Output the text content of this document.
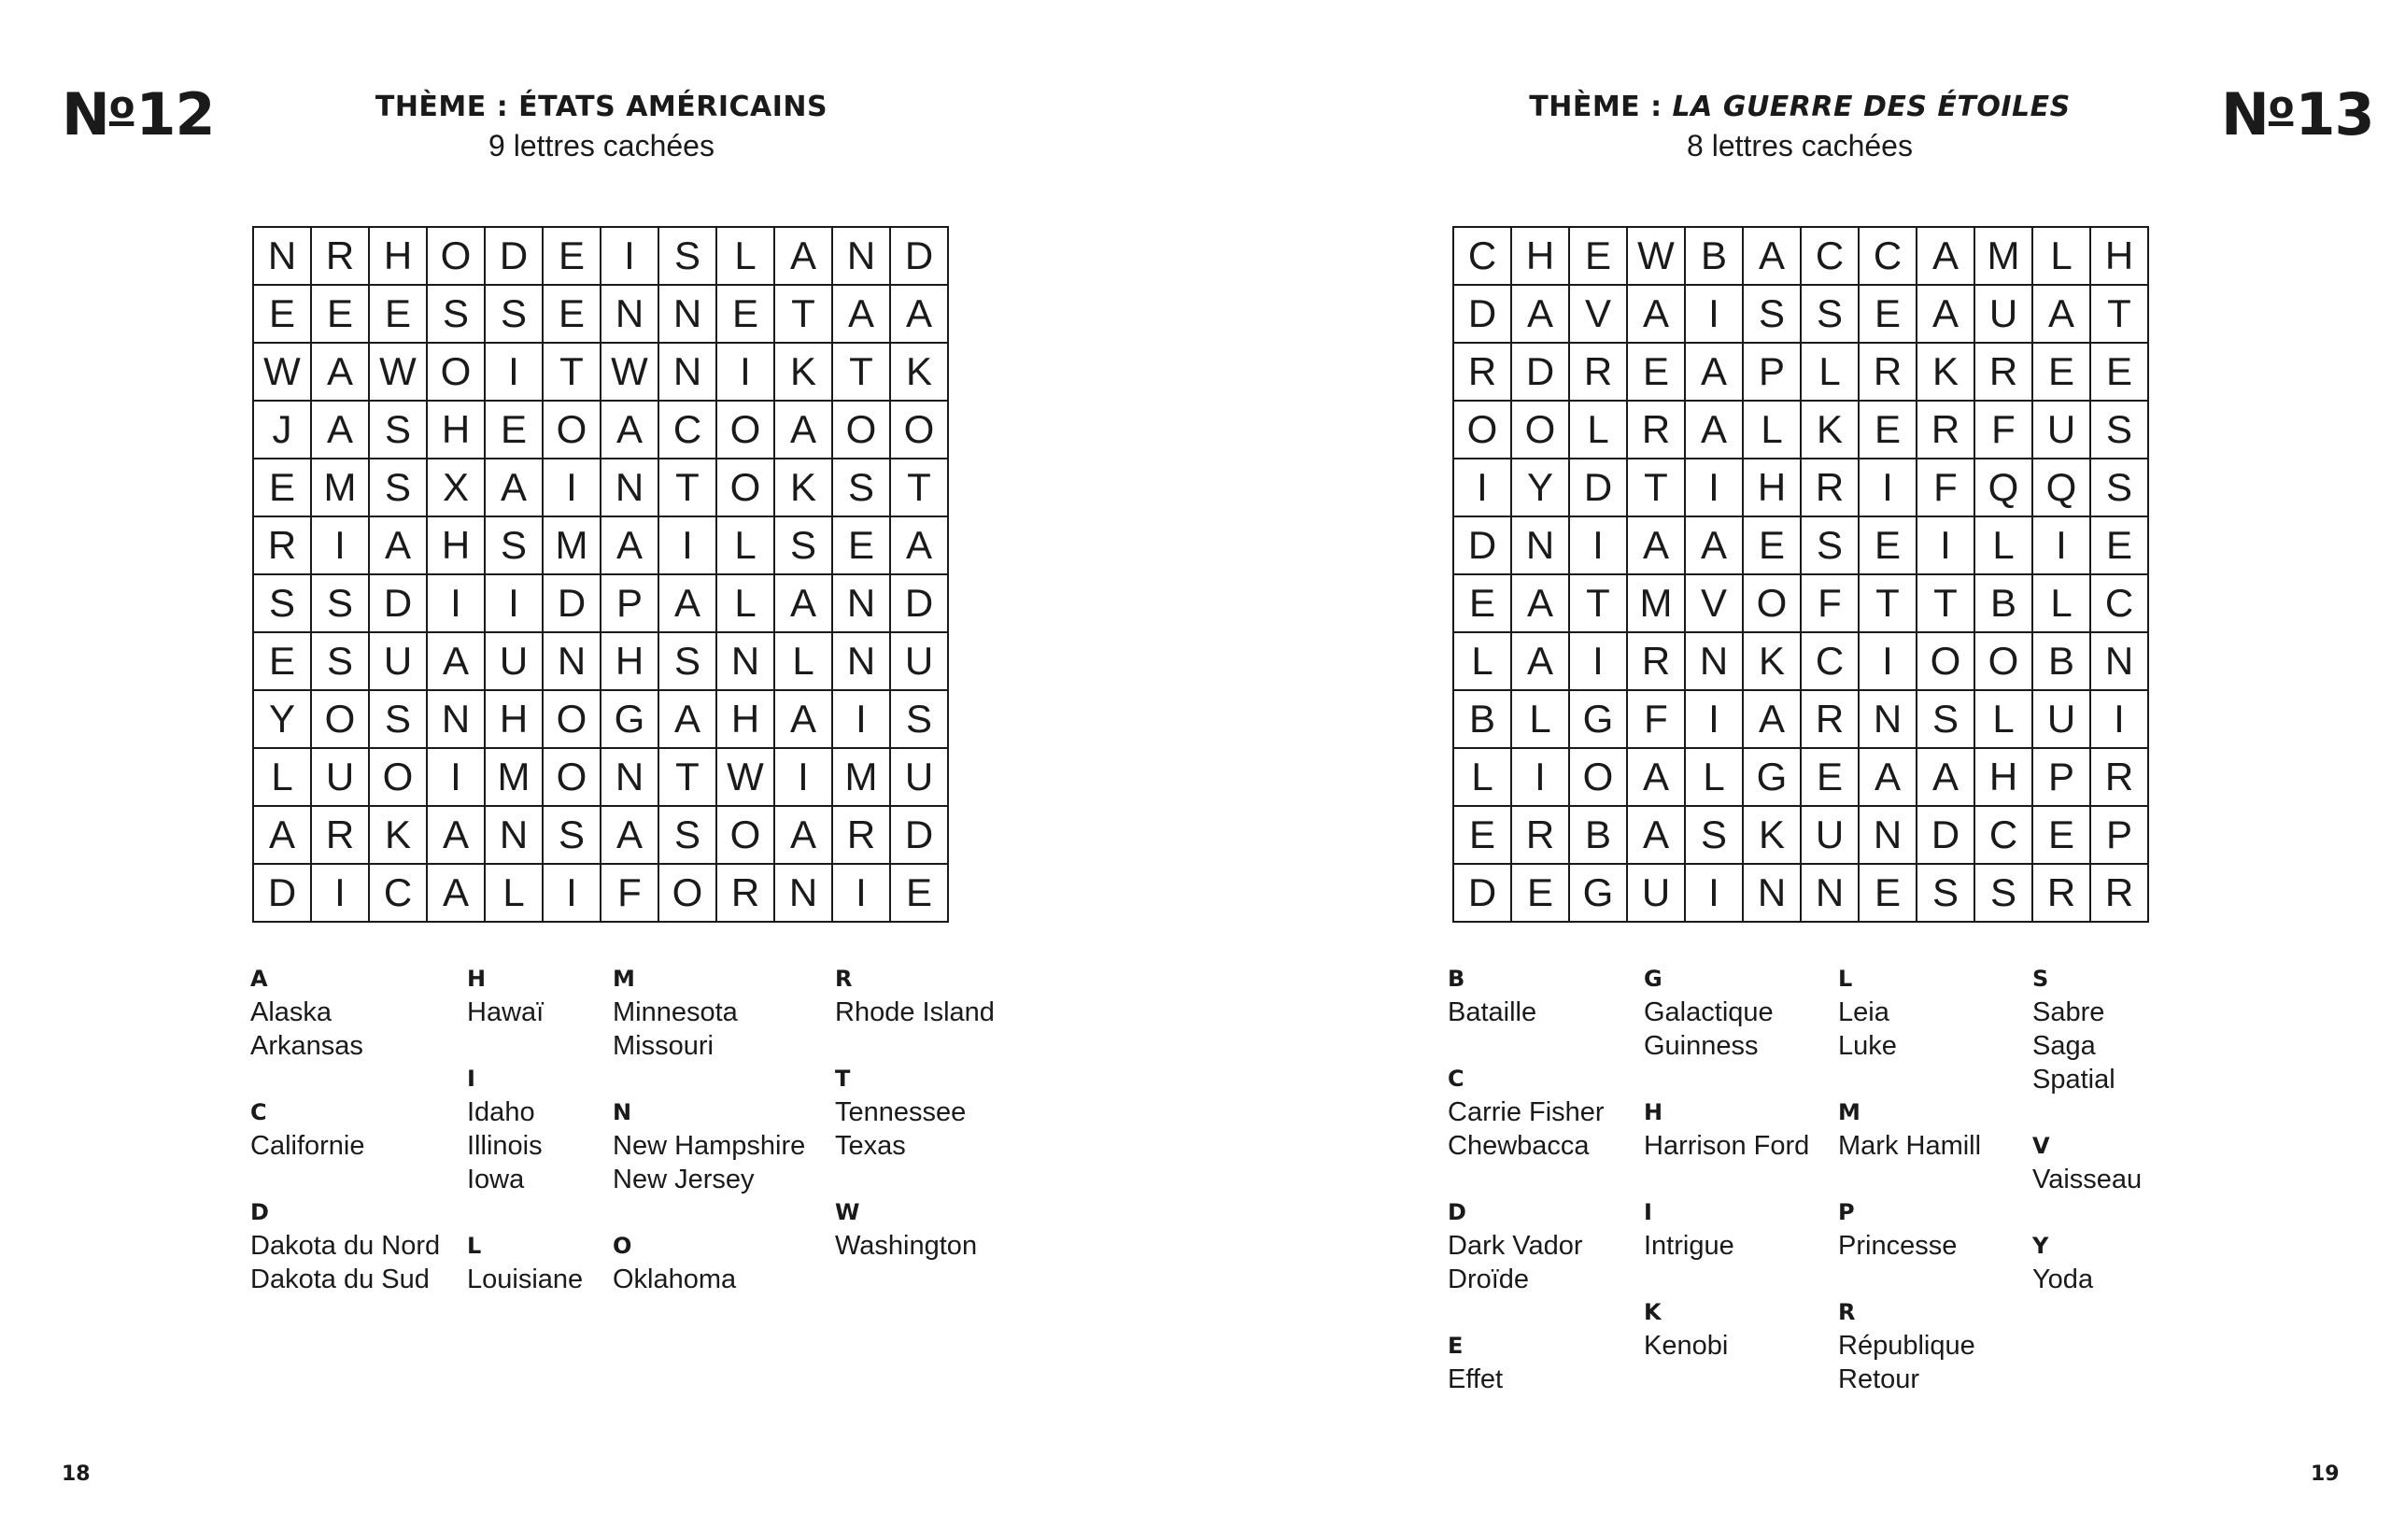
$N^o12$	THÈME : ÉTATS AMÉRICAINS
9 lettres cachées
N	R	H	O	D	E	I	S	L	A	N	D
E	E	E	S	S	E	N	N	E	T	A	A
W	A	W	O	I	T	W	N	I	K	T	K
J	A	S	H	E	O	A	C	O	A	O	O
E	M	S	X	A	I	N	T	O	K	S	T
R	I	A	H	S	M	A	I	L	S	E	A
S	S	D	I	I	D	P	A	L	A	N	D
E	S	U	A	U	N	H	S	N	L	N	U
Y	O	S	N	H	O	G	A	H	A	I	S
L	U	O	I	M	O	N	T	W	I	M	U
A	R	K	A	N	S	A	S	O	A	R	D
D	I	C	A	L	I	F	O	R	N	I	E
A
Alaska
Arkansas
C
Californie
D
Dakota du Nord
Dakota du Sud
H
Hawaï
I
Idaho
Illinois
Iowa
L
Louisiane
M
Minnesota
Missouri
N
New Hampshire
New Jersey
O
Oklahoma
R
Rhode Island
T
Tennessee
Texas
W
Washington
18
THÈME : LA GUERRE DES ÉTOILES
8 lettres cachées	$N^o13$
C	H	E	W	B	A	C	C	A	M	L	H
D	A	V	A	I	S	S	E	A	U	A	T
R	D	R	E	A	P	L	R	K	R	E	E
O	O	L	R	A	L	K	E	R	F	U	S
I	Y	D	T	I	H	R	I	F	Q	Q	S
D	N	I	A	A	E	S	E	I	L	I	E
E	A	T	M	V	O	F	T	T	B	L	C
L	A	I	R	N	K	C	I	O	O	B	N
B	L	G	F	I	A	R	N	S	L	U	I
L	I	O	A	L	G	E	A	A	H	P	R
E	R	B	A	S	K	U	N	D	C	E	P
D	E	G	U	I	N	N	E	S	S	R	R
B
Bataille
C
Carrie Fisher
Chewbacca
D
Dark Vador
Droïde
E
Effet
G
Galactique
Guinness
H
Harrison Ford
I
Intrigue
K
Kenobi
L
Leia
Luke
M
Mark Hamill
P
Princesse
R
République
Retour
S
Sabre
Saga
Spatial
V
Vaisseau
Y
Yoda
19
